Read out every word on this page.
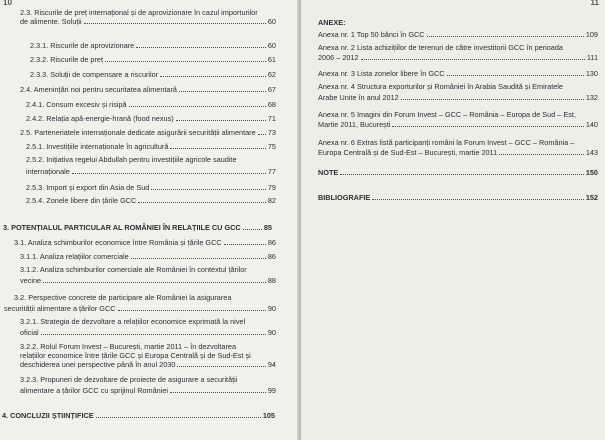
10
2.3. Riscurile de preț internațional și de aprovizionare în cazul importurilor
de alimente. Soluții	60
2.3.1. Riscurile de aprovizionare	60
2.3.2. Riscurile de preț	61
2.3.3. Soluții de compensare a riscurilor	62
2.4. Amenințări noi pentru securitatea alimentară	67
2.4.1. Consum excesiv și risipă	68
2.4.2. Relația apă-energie-hrană (food nexus)	71
2.5. Parteneriatele internaționale dedicate asigurării securității alimentare 73
2.5.1. Investițiile internaționale în agricultură	75
2.5.2. Inițiativa regelui Abdullah pentru investițiile agricole saudite
internaționale	77
2.5.3. Import și export din Asia de Sud	79
2.5.4. Zonele libere din țările GCC	82
3. POTENȚIALUL PARTICULAR AL ROMÂNIEI ÎN RELAȚIILE CU GCC	85
3.1. Analiza schimburilor economice între România și țările GCC	86
3.1.1. Analiza relațiilor comerciale	86
3.1.2. Analiza schimburilor comerciale ale României în contextul țărilor
vecine	88
3.2. Perspective concrete de participare ale României la asigurarea
securității alimentare a țărilor GCC	90
3.2.1. Strategia de dezvoltare a relațiilor economice exprimată la nivel
oficial	90
3.2.2. Rolul Forum Invest – București, martie 2011 – în dezvoltarea
relațiilor economice între țările GCC și Europa Centrală și de Sud-Est și
deschiderea unei perspective până în anul 2030	94
3.2.3. Propuneri de dezvoltare de proiecte de asigurare a securității
alimentare a țărilor GCC cu sprijinul României	99
4. CONCLUZII ȘTIINȚIFICE	105
11
ANEXE:
Anexa nr. 1 Top 50 bănci în GCC	109
Anexa nr. 2 Lista achizițiilor de terenuri de către investitorii GCC în perioada
2006 – 2012	111
Anexa nr. 3 Lista zonelor libere în GCC	130
Anexa nr. 4 Structura exporturilor și României în Arabia Saudită și Emiratele
Arabe Unite în anul 2012	132
Anexa nr. 5 Imagini din Forum Invest – GCC – România – Europa de Sud – Est,
Martie 2011, București	140
Anexa nr. 6 Extras listă participanți români la Forum Invest – GCC – România –
Europa Centrală și de Sud-Est – București, martie 2011	143
NOTE	150
BIBLIOGRAFIE	152
